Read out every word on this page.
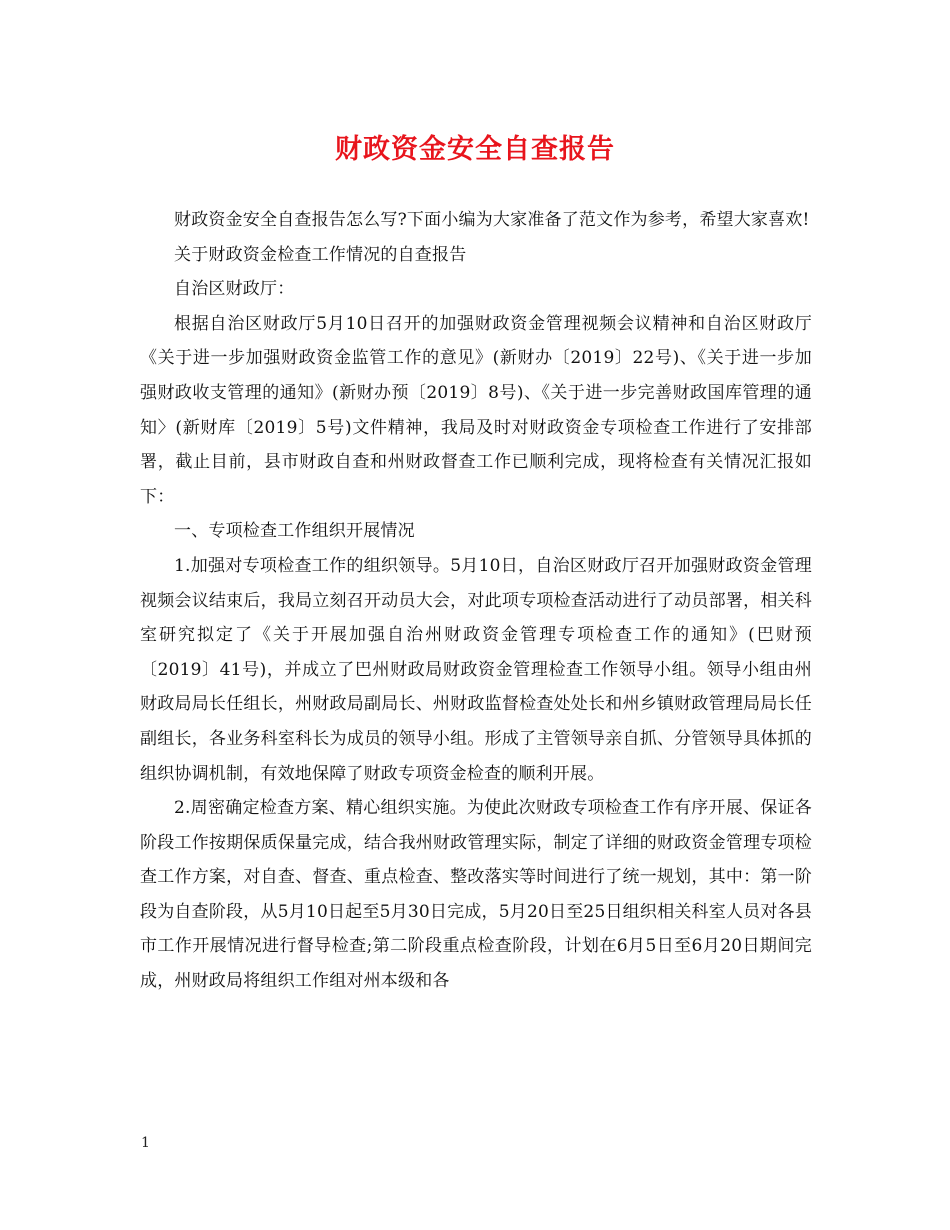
财政资金安全自查报告

财政资金安全自查报告怎么写?下面小编为大家准备了范文作为参考，希望大家喜欢!

关于财政资金检查工作情况的自查报告

自治区财政厅：

根据自治区财政厅5月10日召开的加强财政资金管理视频会议精神和自治区财政厅《关于进一步加强财政资金监管工作的意见》(新财办〔2019〕22号)、《关于进一步加强财政收支管理的通知》(新财办预〔2019〕8号)、《关于进一步完善财政国库管理的通知〉(新财库〔2019〕5号)文件精神，我局及时对财政资金专项检查工作进行了安排部署，截止目前，县市财政自查和州财政督查工作已顺利完成，现将检查有关情况汇报如下：

一、专项检查工作组织开展情况

1.加强对专项检查工作的组织领导。5月10日，自治区财政厅召开加强财政资金管理视频会议结束后，我局立刻召开动员大会，对此项专项检查活动进行了动员部署，相关科室研究拟定了《关于开展加强自治州财政资金管理专项检查工作的通知》(巴财预〔2019〕41号)，并成立了巴州财政局财政资金管理检查工作领导小组。领导小组由州财政局局长任组长，州财政局副局长、州财政监督检查处处长和州乡镇财政管理局局长任副组长，各业务科室科长为成员的领导小组。形成了主管领导亲自抓、分管领导具体抓的组织协调机制，有效地保障了财政专项资金检查的顺利开展。

2.周密确定检查方案、精心组织实施。为使此次财政专项检查工作有序开展、保证各阶段工作按期保质保量完成，结合我州财政管理实际，制定了详细的财政资金管理专项检查工作方案，对自查、督查、重点检查、整改落实等时间进行了统一规划，其中：第一阶段为自查阶段，从5月10日起至5月30日完成，5月20日至25日组织相关科室人员对各县市工作开展情况进行督导检查;第二阶段重点检查阶段，计划在6月5日至6月20日期间完成，州财政局将组织工作组对州本级和各

1
